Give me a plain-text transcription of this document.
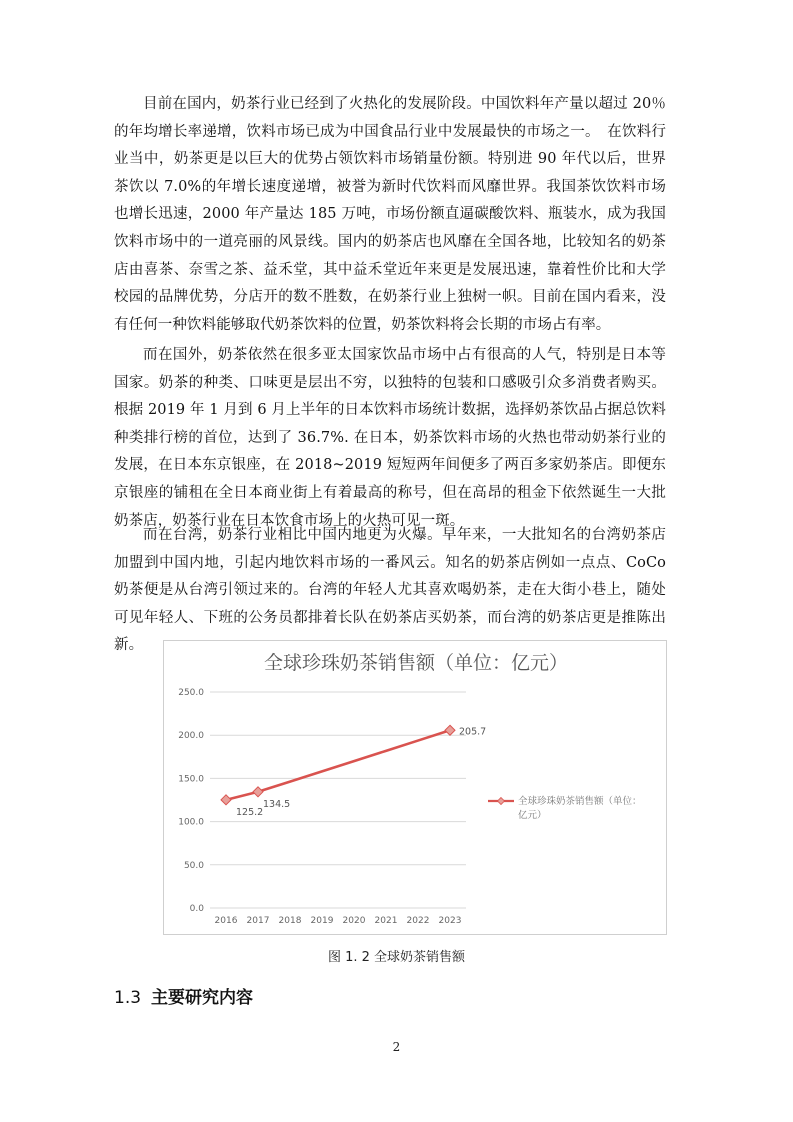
目前在国内，奶茶行业已经到了火热化的发展阶段。中国饮料年产量以超过 20％的年均增长率递增，饮料市场已成为中国食品行业中发展最快的市场之一。　在饮料行业当中，奶茶更是以巨大的优势占领饮料市场销量份额。特别进 90 年代以后，世界茶饮以 7.0%的年增长速度递增，被誉为新时代饮料而风靡世界。我国茶饮饮料市场也增长迅速，2000 年产量达 185 万吨，市场份额直逼碳酸饮料、瓶装水，成为我国饮料市场中的一道亮丽的风景线。国内的奶茶店也风靡在全国各地，比较知名的奶茶店由喜茶、奈雪之茶、益禾堂，其中益禾堂近年来更是发展迅速，靠着性价比和大学校园的品牌优势，分店开的数不胜数，在奶茶行业上独树一帜。目前在国内看来，没有任何一种饮料能够取代奶茶饮料的位置，奶茶饮料将会长期的市场占有率。

而在国外，奶茶依然在很多亚太国家饮品市场中占有很高的人气，特别是日本等国家。奶茶的种类、口味更是层出不穷，以独特的包装和口感吸引众多消费者购买。根据 2019 年 1 月到 6 月上半年的日本饮料市场统计数据，选择奶茶饮品占据总饮料种类排行榜的首位，达到了 36.7%. 在日本，奶茶饮料市场的火热也带动奶茶行业的发展，在日本东京银座，在 2018~2019 短短两年间便多了两百多家奶茶店。即便东京银座的铺租在全日本商业街上有着最高的称号，但在高昂的租金下依然诞生一大批奶茶店，奶茶行业在日本饮食市场上的火热可见一斑。

而在台湾，奶茶行业相比中国内地更为火爆。早年来，一大批知名的台湾奶茶店加盟到中国内地，引起内地饮料市场的一番风云。知名的奶茶店例如一点点、CoCo 奶茶便是从台湾引领过来的。台湾的年轻人尤其喜欢喝奶茶，走在大街小巷上，随处可见年轻人、下班的公务员都排着长队在奶茶店买奶茶，而台湾的奶茶店更是推陈出新。

全球珍珠奶茶销售额（单位：亿元）
250.0
200.0
150.0
100.0
50.0
0.0
2016 2017 2018 2019 2020 2021 2022 2023
125.2
134.5
205.7
全球珍珠奶茶销售额（单位：
亿元）
图 1. 2 全球奶茶销售额
1.3 主要研究内容
2
